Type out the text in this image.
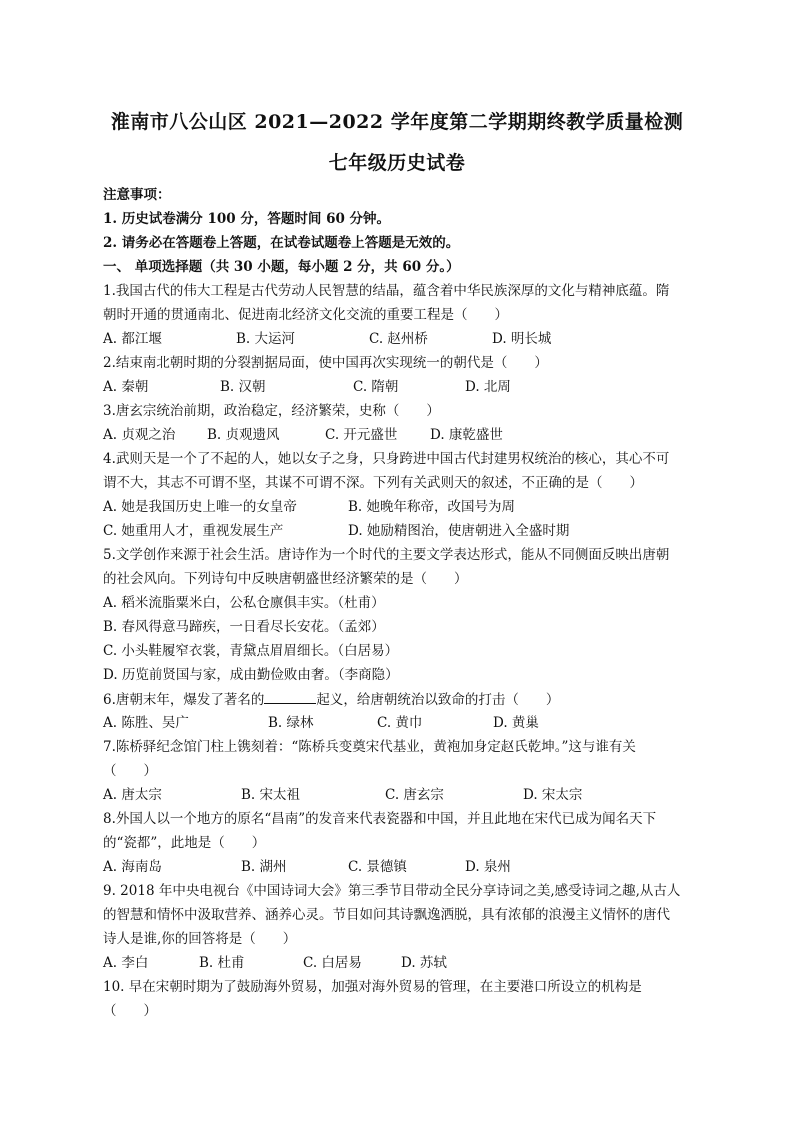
淮南市八公山区 2021—2022 学年度第二学期期终教学质量检测
七年级历史试卷
注意事项：
1. 历史试卷满分 100 分，答题时间 60 分钟。
2. 请务必在答题卷上答题，在试卷试题卷上答题是无效的。
一、 单项选择题（共 30 小题，每小题 2 分，共 60 分。）
1.我国古代的伟大工程是古代劳动人民智慧的结晶，蕴含着中华民族深厚的文化与精神底蕴。隋
朝时开通的贯通南北、促进南北经济文化交流的重要工程是（　　）
A. 都江堰	B. 大运河	C. 赵州桥	D. 明长城
2.结束南北朝时期的分裂割据局面，使中国再次实现统一的朝代是（　　）
A. 秦朝	B. 汉朝	C. 隋朝	D. 北周
3.唐玄宗统治前期，政治稳定，经济繁荣，史称（　　）
A. 贞观之治 B. 贞观遗风	C. 开元盛世 D. 康乾盛世
4.武则天是一个了不起的人，她以女子之身，只身跨进中国古代封建男权统治的核心，其心不可
谓不大，其志不可谓不坚，其谋不可谓不深。下列有关武则天的叙述，不正确的是（　　）
A. 她是我国历史上唯一的女皇帝	B. 她晚年称帝，改国号为周
C. 她重用人才，重视发展生产	D. 她励精图治，使唐朝进入全盛时期
5.文学创作来源于社会生活。唐诗作为一个时代的主要文学表达形式，能从不同侧面反映出唐朝
的社会风向。下列诗句中反映唐朝盛世经济繁荣的是（　　）
A. 稻米流脂粟米白，公私仓廪俱丰实。（杜甫）
B. 春风得意马蹄疾，一日看尽长安花。（孟郊）
C. 小头鞋履窄衣裳，青黛点眉眉细长。（白居易）
D. 历览前贤国与家，成由勤俭败由奢。（李商隐）
6.唐朝末年，爆发了著名的	起义，给唐朝统治以致命的打击（　　）
A. 陈胜、吴广	B. 绿林	C. 黄巾	D. 黄巢
7.陈桥驿纪念馆门柱上镌刻着：“陈桥兵变奠宋代基业，黄袍加身定赵氏乾坤。”这与谁有关
（　　）
A. 唐太宗	B. 宋太祖	C. 唐玄宗	D. 宋太宗
8.外国人以一个地方的原名“昌南”的发音来代表瓷器和中国，并且此地在宋代已成为闻名天下
的“瓷都”，此地是（　　）
A. 海南岛	B. 湖州	C. 景德镇	D. 泉州
9. 2018 年中央电视台《中国诗词大会》第三季节目带动全民分享诗词之美,感受诗词之趣,从古人
的智慧和情怀中汲取营养、涵养心灵。节目如问其诗飘逸洒脱，具有浓郁的浪漫主义情怀的唐代
诗人是谁,你的回答将是（　　）
A. 李白	B. 杜甫	C. 白居易	D. 苏轼
10. 早在宋朝时期为了鼓励海外贸易，加强对海外贸易的管理，在主要港口所设立的机构是
（　　）
